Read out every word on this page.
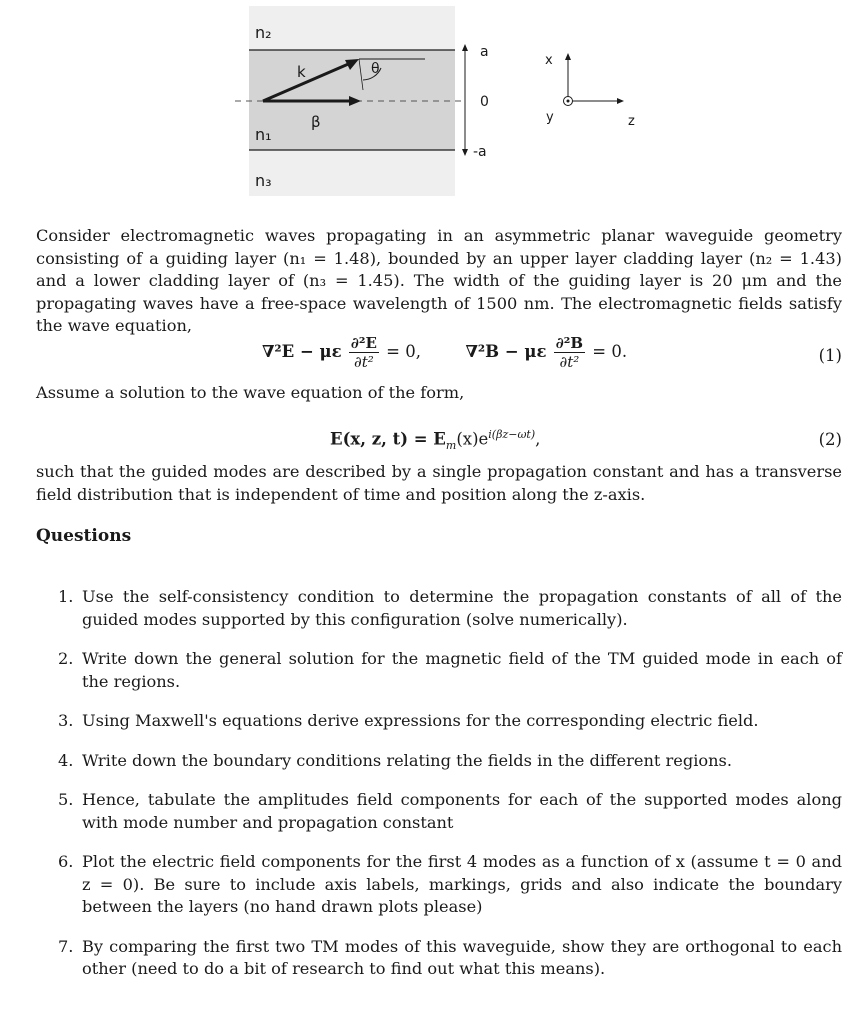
n₂
n₁
n₃
k	θ
β
a
0
-a
x
y	z
Consider electromagnetic waves propagating in an asymmetric planar waveguide geometry consisting of a guiding layer (n₁ = 1.48), bounded by an upper layer cladding layer (n₂ = 1.43) and a lower cladding layer of (n₃ = 1.45). The width of the guiding layer is 20 μm and the propagating waves have a free-space wavelength of 1500 nm. The electromagnetic fields satisfy the wave equation,
∇²E − με $\frac{\text{∂²E}}{\text{∂t²}} = 0$,	∇²B − με $\frac{\text{∂²B}}{\text{∂t²}} = 0$.	(1)
Assume a solution to the wave equation of the form,
E(x, z, $t) = E_m(x)e^{i(\beta z-\omega t)}$,	(2)
such that the guided modes are described by a single propagation constant and has a transverse field distribution that is independent of time and position along the z-axis.
Questions
1. Use the self-consistency condition to determine the propagation constants of all of the guided modes supported by this configuration (solve numerically).
2. Write down the general solution for the magnetic field of the TM guided mode in each of the regions.
3. Using Maxwell's equations derive expressions for the corresponding electric field.
4. Write down the boundary conditions relating the fields in the different regions.
5. Hence, tabulate the amplitudes field components for each of the supported modes along with mode number and propagation constant
6. Plot the electric field components for the first 4 modes as a function of x (assume t = 0 and z = 0). Be sure to include axis labels, markings, grids and also indicate the boundary between the layers (no hand drawn plots please)
7. By comparing the first two TM modes of this waveguide, show they are orthogonal to each other (need to do a bit of research to find out what this means).
